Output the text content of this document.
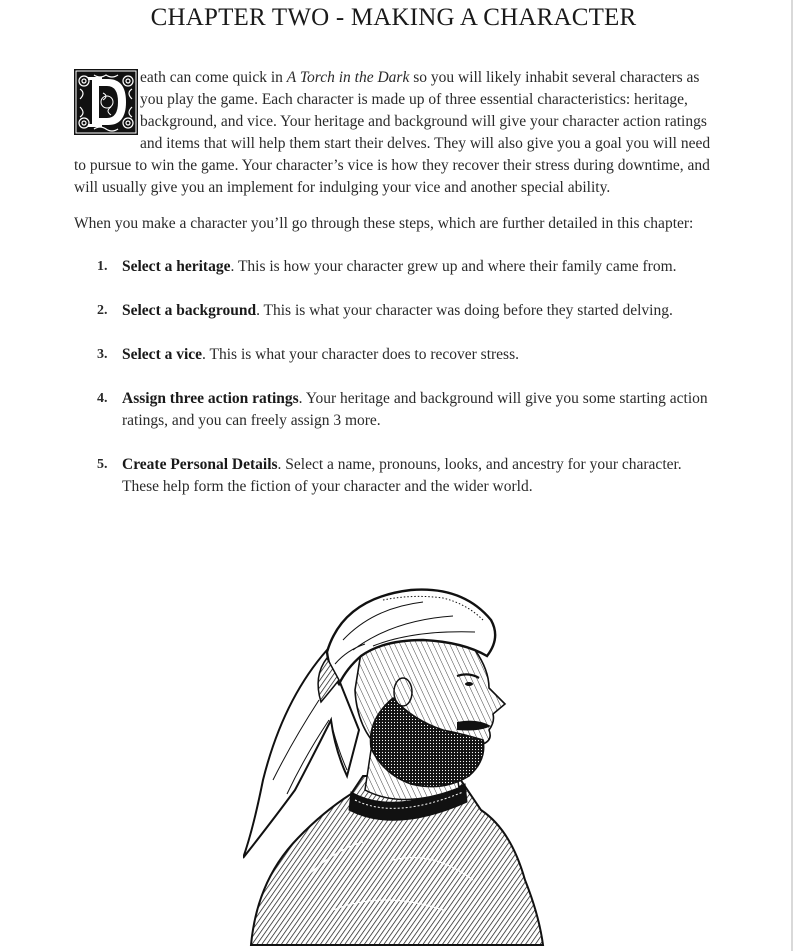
CHAPTER TWO - MAKING A CHARACTER

eath can come quick in A Torch in the Dark so you will likely inhabit several characters as you play the game. Each character is made up of three essential characteristics: heritage, background, and vice. Your heritage and background will give your character action ratings and items that will help them start their delves. They will also give you a goal you will need to pursue to win the game. Your character’s vice is how they recover their stress during downtime, and will usually give you an implement for indulging your vice and another special ability.

When you make a character you’ll go through these steps, which are further detailed in this chapter:

1. Select a heritage. This is how your character grew up and where their family came from.
2. Select a background. This is what your character was doing before they started delving.
3. Select a vice. This is what your character does to recover stress.
4. Assign three action ratings. Your heritage and background will give you some starting action ratings, and you can freely assign 3 more.
5. Create Personal Details. Select a name, pronouns, looks, and ancestry for your character. These help form the fiction of your character and the wider world.
